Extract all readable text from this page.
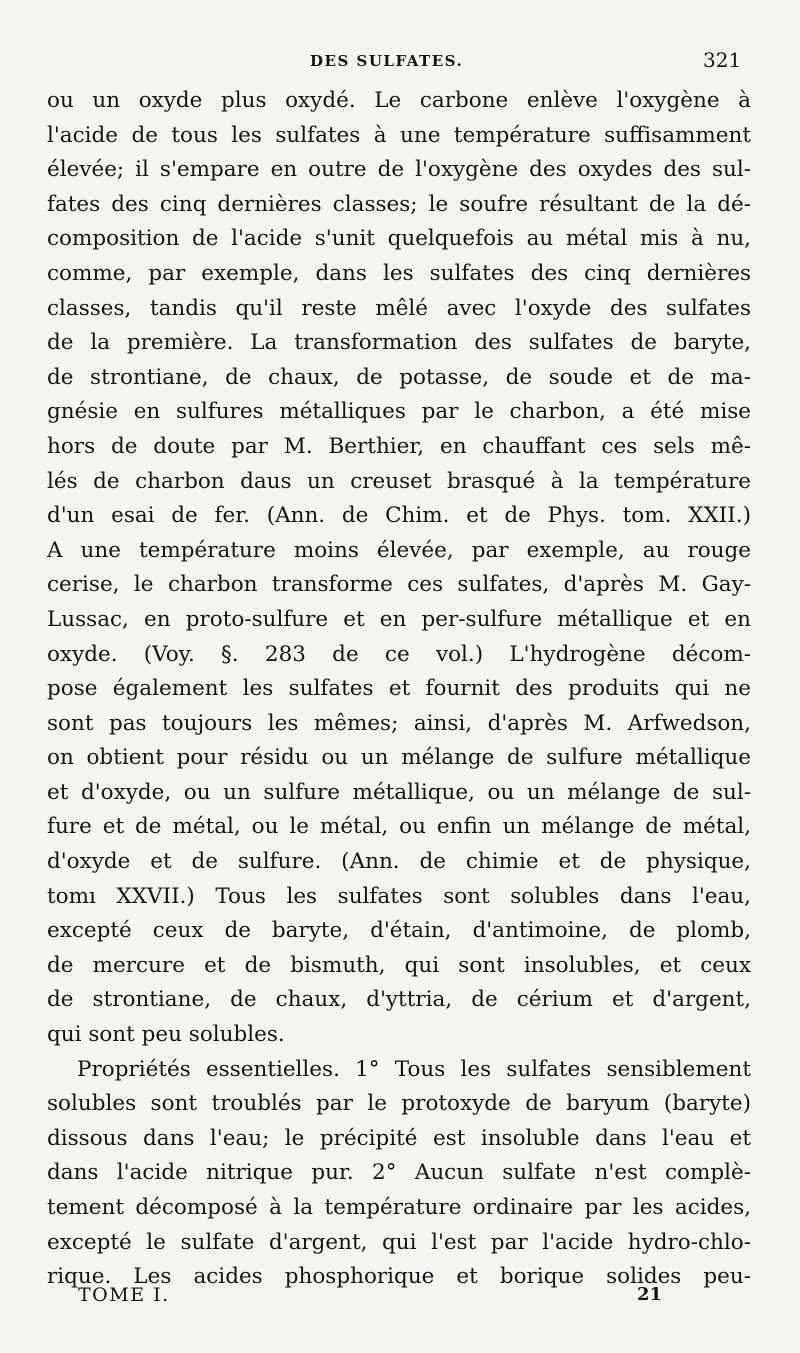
DES SULFATES.	321
ou un oxyde plus oxydé. Le carbone enlève l'oxygène à
l'acide de tous les sulfates à une température suffisamment
élevée; il s'empare en outre de l'oxygène des oxydes des sul-
fates des cinq dernières classes; le soufre résultant de la dé-
composition de l'acide s'unit quelquefois au métal mis à nu,
comme, par exemple, dans les sulfates des cinq dernières
classes, tandis qu'il reste mêlé avec l'oxyde des sulfates
de la première. La transformation des sulfates de baryte,
de strontiane, de chaux, de potasse, de soude et de ma-
gnésie en sulfures métalliques par le charbon, a été mise
hors de doute par M. Berthier, en chauffant ces sels mê-
lés de charbon daus un creuset brasqué à la température
d'un esai de fer. (Ann. de Chim. et de Phys. tom. XXII.)
A une température moins élevée, par exemple, au rouge
cerise, le charbon transforme ces sulfates, d'après M. Gay-
Lussac, en proto-sulfure et en per-sulfure métallique et en
oxyde. (Voy. §. 283 de ce vol.) L'hydrogène décom-
pose également les sulfates et fournit des produits qui ne
sont pas toujours les mêmes; ainsi, d'après M. Arfwedson,
on obtient pour résidu ou un mélange de sulfure métallique
et d'oxyde, ou un sulfure métallique, ou un mélange de sul-
fure et de métal, ou le métal, ou enfin un mélange de métal,
d'oxyde et de sulfure. (Ann. de chimie et de physique,
tomı XXVII.) Tous les sulfates sont solubles dans l'eau,
excepté ceux de baryte, d'étain, d'antimoine, de plomb,
de mercure et de bismuth, qui sont insolubles, et ceux
de strontiane, de chaux, d'yttria, de cérium et d'argent,
qui sont peu solubles.
Propriétés essentielles. 1° Tous les sulfates sensiblement
solubles sont troublés par le protoxyde de baryum (baryte)
dissous dans l'eau; le précipité est insoluble dans l'eau et
dans l'acide nitrique pur. 2° Aucun sulfate n'est complè-
tement décomposé à la température ordinaire par les acides,
excepté le sulfate d'argent, qui l'est par l'acide hydro-chlo-
rique. Les acides phosphorique et borique solides peu-
TOME I.	21
